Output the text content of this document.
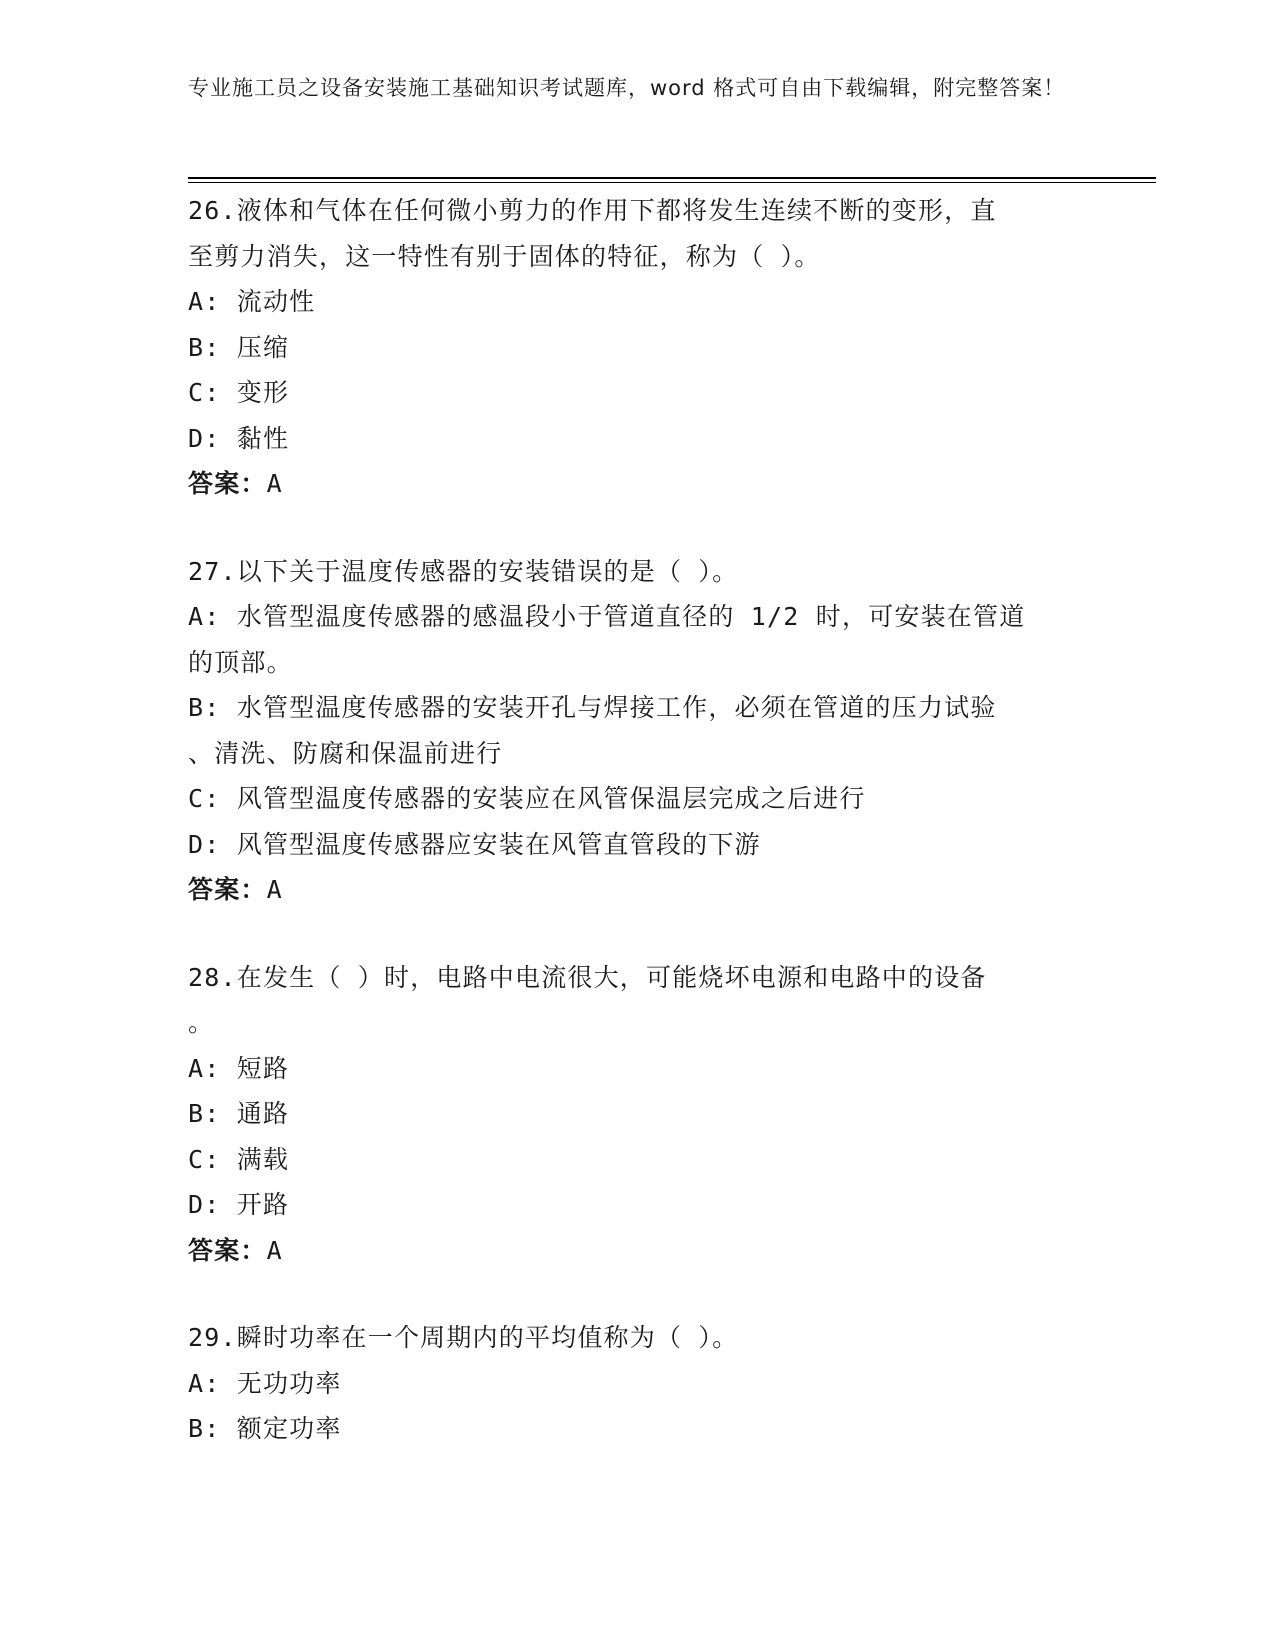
专业施工员之设备安装施工基础知识考试题库，word 格式可自由下载编辑，附完整答案！
26.液体和气体在任何微小剪力的作用下都将发生连续不断的变形，直
至剪力消失，这一特性有别于固体的特征，称为（ ）。
A: 流动性
B: 压缩
C: 变形
D: 黏性
答案：A
27.以下关于温度传感器的安装错误的是（ ）。
A: 水管型温度传感器的感温段小于管道直径的 1/2 时，可安装在管道
的顶部。
B: 水管型温度传感器的安装开孔与焊接工作，必须在管道的压力试验
、清洗、防腐和保温前进行
C: 风管型温度传感器的安装应在风管保温层完成之后进行
D: 风管型温度传感器应安装在风管直管段的下游
答案：A
28.在发生（ ）时，电路中电流很大，可能烧坏电源和电路中的设备
。
A: 短路
B: 通路
C: 满载
D: 开路
答案：A
29.瞬时功率在一个周期内的平均值称为（ ）。
A: 无功功率
B: 额定功率
